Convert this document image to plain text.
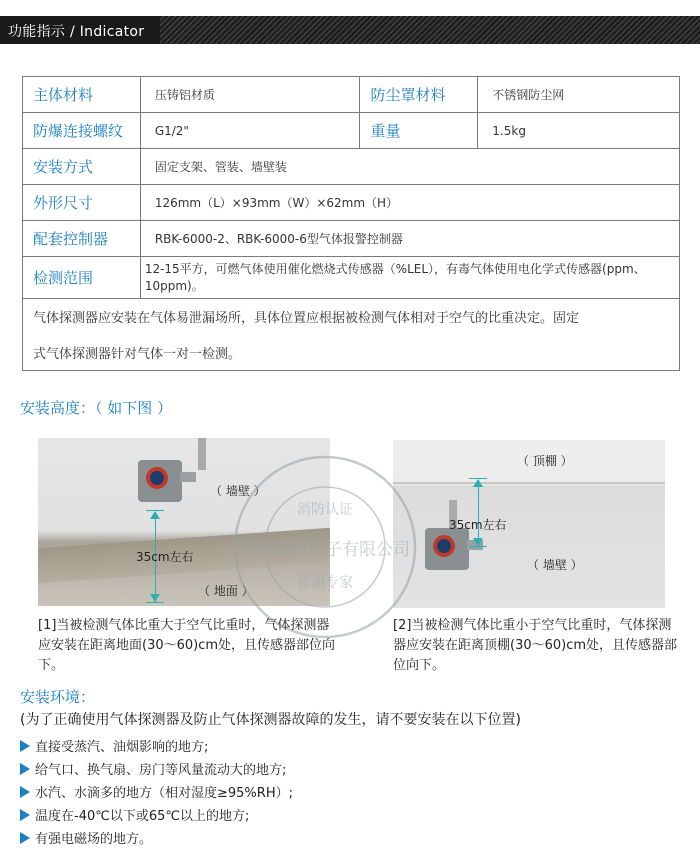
功能指示 / Indicator
主体材料	压铸铝材质	防尘罩材料	不锈钢防尘网
防爆连接螺纹	G1/2"	重量	1.5kg
安装方式	固定支架、管装、墙壁装		
外形尺寸	126mm（L）×93mm（W）×62mm（H）		
配套控制器	RBK-6000-2、RBK-6000-6型气体报警控制器		
检测范围	12-15平方，可燃气体使用催化燃烧式传感器（%LEL），有毒气体使用电化学式传感器(ppm、10ppm)。		
气体探测器应安装在气体易泄漏场所，具体位置应根据被检测气体相对于空气的比重决定。固定			
式气体探测器针对气体一对一检测。			
安装高度：（ 如下图 ）
（ 墙壁 ）
35cm左右
（ 地面 ）
（ 顶棚 ）
35cm左右
（ 墙壁 ）
消防认证
济南德耐电子有限公司
监测专家
[1]当被检测气体比重大于空气比重时，气体探测器应安装在距离地面(30～60)cm处，且传感器部位向下。
[2]当被检测气体比重小于空气比重时，气体探测器应安装在距离顶棚(30～60)cm处，且传感器部位向下。
安装环境：
(为了正确使用气体探测器及防止气体探测器故障的发生，请不要安装在以下位置)
直接受蒸汽、油烟影响的地方;
给气口、换气扇、房门等风量流动大的地方;
水汽、水滴多的地方（相对湿度≥95%RH）;
温度在-40℃以下或65℃以上的地方;
有强电磁场的地方。
